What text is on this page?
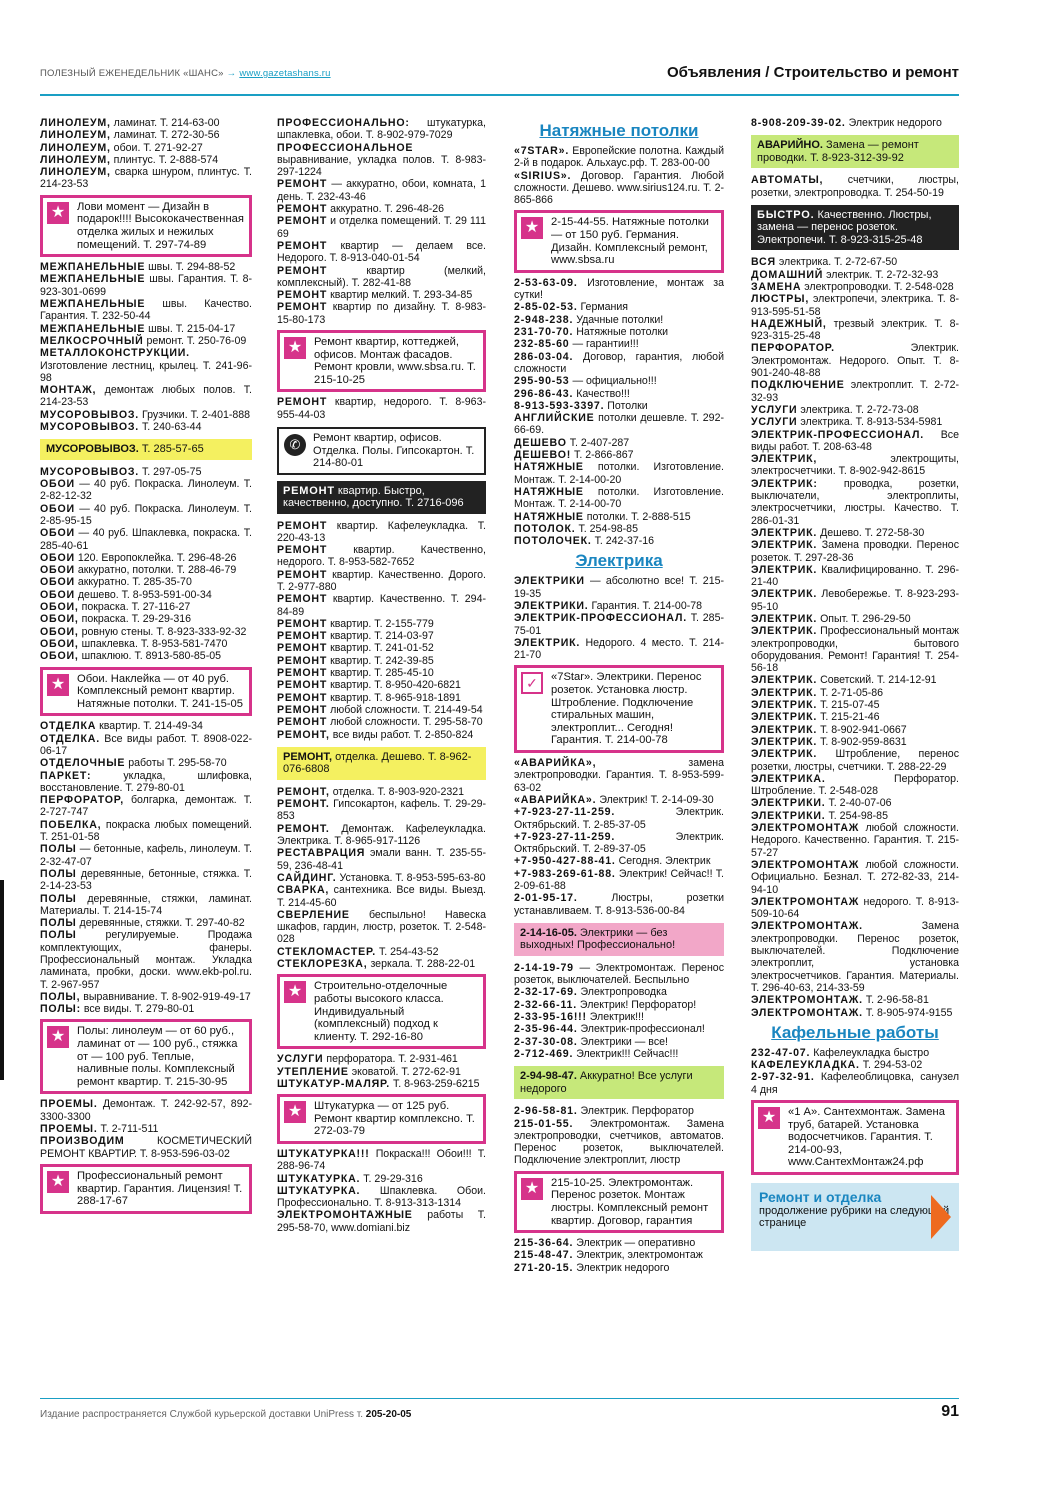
ПОЛЕЗНЫЙ ЕЖЕНЕДЕЛЬНИК «ШАНС» → www.gazetashans.ru	Объявления / Строительство и ремонт

ЛИНОЛЕУМ, ламинат. Т. 214-63-00

ЛИНОЛЕУМ, ламинат. Т. 272-30-56

ЛИНОЛЕУМ, обои. Т. 271-92-27

ЛИНОЛЕУМ, плинтус. Т. 2-888-574

ЛИНОЛЕУМ, сварка шнуром, плинтус. Т. 214-23-53

★	Лови момент — Дизайн в подарок!!!! Высококачественная отделка жилых и нежилых помещений. Т. 297-74-89

МЕЖПАНЕЛЬНЫЕ швы. Т. 294-88-52

МЕЖПАНЕЛЬНЫЕ швы. Гарантия. Т. 8-923-301-0699

МЕЖПАНЕЛЬНЫЕ швы. Качество. Гарантия. Т. 232-50-44

МЕЖПАНЕЛЬНЫЕ швы. Т. 215-04-17

МЕЛКОСРОЧНЫЙ ремонт. Т. 250-76-09

МЕТАЛЛОКОНСТРУКЦИИ. Изготовление лестниц, крылец. Т. 241-96-98

МОНТАЖ, демонтаж любых полов. Т. 214-23-53

МУСОРОВЫВОЗ. Грузчики. Т. 2-401-888

МУСОРОВЫВОЗ. Т. 240-63-44

МУСОРОВЫВОЗ. Т. 285-57-65

МУСОРОВЫВОЗ. Т. 297-05-75

ОБОИ — 40 руб. Покраска. Линолеум. Т. 2-82-12-32

ОБОИ — 40 руб. Покраска. Линолеум. Т. 2-85-95-15

ОБОИ — 40 руб. Шпаклевка, покраска. Т. 285-40-61

ОБОИ 120. Европоклейка. Т. 296-48-26

ОБОИ аккуратно, потолки. Т. 288-46-79

ОБОИ аккуратно. Т. 285-35-70

ОБОИ дешево. Т. 8-953-591-00-34

ОБОИ, покраска. Т. 27-116-27

ОБОИ, покраска. Т. 29-29-316

ОБОИ, ровную стены. Т. 8-923-333-92-32

ОБОИ, шпаклевка. Т. 8-953-581-7470

ОБОИ, шпаклюю. Т. 8913-580-85-05

★	Обои. Наклейка — от 40 руб. Комплексный ремонт квартир. Натяжные потолки. Т. 241-15-05

ОТДЕЛКА квартир. Т. 214-49-34

ОТДЕЛКА. Все виды работ. Т. 8908-022-06-17

ОТДЕЛОЧНЫЕ работы Т. 295-58-70

ПАРКЕТ: укладка, шлифовка, восстановление. Т. 279-80-01

ПЕРФОРАТОР, болгарка, демонтаж. Т. 2-727-747

ПОБЕЛКА, покраска любых помещений. Т. 251-01-58

ПОЛЫ — бетонные, кафель, линолеум. Т. 2-32-47-07

ПОЛЫ деревянные, бетонные, стяжка. Т. 2-14-23-53

ПОЛЫ деревянные, стяжки, ламинат. Материалы. Т. 214-15-74

ПОЛЫ деревянные, стяжки. Т. 297-40-82

ПОЛЫ регулируемые. Продажа комплектующих, фанеры. Профессиональный монтаж. Укладка ламината, пробки, доски. www.ekb-pol.ru. Т. 2-967-957

ПОЛЫ, выравнивание. Т. 8-902-919-49-17

ПОЛЫ: все виды. Т. 279-80-01

★	Полы: линолеум — от 60 руб., ламинат от — 100 руб., стяжка от — 100 руб. Теплые, наливные полы. Комплексный ремонт квартир. Т. 215-30-95

ПРОЕМЫ. Демонтаж. Т. 242-92-57, 892-3300-3300

ПРОЕМЫ. Т. 2-711-511

ПРОИЗВОДИМ КОСМЕТИЧЕСКИЙ РЕМОНТ КВАРТИР. Т. 8-953-596-03-02

★	Профессиональный ремонт квартир. Гарантия. Лицензия! Т. 288-17-67

ПРОФЕССИОНАЛЬНО: штукатурка, шпаклевка, обои. Т. 8-902-979-7029

ПРОФЕССИОНАЛЬНОЕ выравнивание, укладка полов. Т. 8-983-297-1224

РЕМОНТ — аккуратно, обои, комната, 1 день. Т. 232-43-46

РЕМОНТ аккуратно. Т. 296-48-26

РЕМОНТ и отделка помещений. Т. 29 111 69

РЕМОНТ квартир — делаем все. Недорого. Т. 8-913-040-01-54

РЕМОНТ квартир (мелкий, комплексный). Т. 282-41-88

РЕМОНТ квартир мелкий. Т. 293-34-85

РЕМОНТ квартир по дизайну. Т. 8-983-15-80-173

★	Ремонт квартир, коттеджей, офисов. Монтаж фасадов. Ремонт кровли, www.sbsa.ru. Т. 215-10-25

РЕМОНТ квартир, недорого. Т. 8-963-955-44-03

✆	Ремонт квартир, офисов. Отделка. Полы. Гипсокартон. Т. 214-80-01

РЕМОНТ квартир. Быстро, качественно, доступно. Т. 2716-096

РЕМОНТ квартир. Кафелеукладка. Т. 220-43-13

РЕМОНТ квартир. Качественно, недорого. Т. 8-953-582-7652

РЕМОНТ квартир. Качественно. Дорого. Т. 2-977-880

РЕМОНТ квартир. Качественно. Т. 294-84-89

РЕМОНТ квартир. Т. 2-155-779

РЕМОНТ квартир. Т. 214-03-97

РЕМОНТ квартир. Т. 241-01-52

РЕМОНТ квартир. Т. 242-39-85

РЕМОНТ квартир. Т. 285-45-10

РЕМОНТ квартир. Т. 8-950-420-6821

РЕМОНТ квартир. Т. 8-965-918-1891

РЕМОНТ любой сложности. Т. 214-49-54

РЕМОНТ любой сложности. Т. 295-58-70

РЕМОНТ, все виды работ. Т. 2-850-824

РЕМОНТ, отделка. Дешево. Т. 8-962-076-6808

РЕМОНТ, отделка. Т. 8-903-920-2321

РЕМОНТ. Гипсокартон, кафель. Т. 29-29-853

РЕМОНТ. Демонтаж. Кафелеукладка. Электрика. Т. 8-965-917-1126

РЕСТАВРАЦИЯ эмали ванн. Т. 235-55-59, 236-48-41

САЙДИНГ. Установка. Т. 8-953-595-63-80

СВАРКА, сантехника. Все виды. Выезд. Т. 214-45-60

СВЕРЛЕНИЕ беспыльно! Навеска шкафов, гардин, люстр, розеток. Т. 2-548-028

СТЕКЛОМАСТЕР. Т. 254-43-52

СТЕКЛОРЕЗКА, зеркала. Т. 288-22-01

★	Строительно-отделочные работы высокого класса. Индивидуальный (комплексный) подход к клиенту. Т. 292-16-80

УСЛУГИ перфоратора. Т. 2-931-461

УТЕПЛЕНИЕ эковатой. Т. 272-62-91

ШТУКАТУР-МАЛЯР. Т. 8-963-259-6215

★	Штукатурка — от 125 руб. Ремонт квартир комплексно. Т. 272-03-79

ШТУКАТУРКА!!! Покраска!!! Обои!!! Т. 288-96-74

ШТУКАТУРКА. Т. 29-29-316

ШТУКАТУРКА. Шпаклевка. Обои. Профессионально. Т. 8-913-313-1314

ЭЛЕКТРОМОНТАЖНЫЕ работы Т. 295-58-70, www.domiani.biz

Натяжные потолки

«7STAR». Европейские полотна. Каждый 2-й в подарок. Альхаус.рф. Т. 283-00-00

«SIRIUS». Договор. Гарантия. Любой сложности. Дешево. www.sirius124.ru. Т. 2-865-866

★	2-15-44-55. Натяжные потолки — от 150 руб. Германия. Дизайн. Комплексный ремонт, www.sbsa.ru

2-53-63-09. Изготовление, монтаж за сутки!

2-85-02-53. Германия

2-948-238. Удачные потолки!

231-70-70. Натяжные потолки

232-85-60 — гарантии!!!

286-03-04. Договор, гарантия, любой сложности

295-90-53 — официально!!!

296-86-43. Качество!!!

8-913-593-3397. Потолки

АНГЛИЙСКИЕ потолки дешевле. Т. 292-66-69.

ДЕШЕВО Т. 2-407-287

ДЕШЕВО! Т. 2-866-867

НАТЯЖНЫЕ потолки. Изготовление. Монтаж. Т. 2-14-00-20

НАТЯЖНЫЕ потолки. Изготовление. Монтаж. Т. 2-14-00-70

НАТЯЖНЫЕ потолки. Т. 2-888-515

ПОТОЛОК. Т. 254-98-85

ПОТОЛОЧЕК. Т. 242-37-16

Электрика

ЭЛЕКТРИКИ — абсолютно все! Т. 215-19-35

ЭЛЕКТРИКИ. Гарантия. Т. 214-00-78

ЭЛЕКТРИК-ПРОФЕССИОНАЛ. Т. 285-75-01

ЭЛЕКТРИК. Недорого. 4 место. Т. 214-21-70

✓	«7Star». Электрики. Перенос розеток. Установка люстр. Штробление. Подключение стиральных машин, электроплит... Сегодня! Гарантия. Т. 214-00-78

«АВАРИЙКА», замена электропроводки. Гарантия. Т. 8-953-599-63-02

«АВАРИЙКА». Электрик! Т. 2-14-09-30

+7-923-27-11-259. Электрик. Октябрьский. Т. 2-85-37-05

+7-923-27-11-259. Электрик. Октябрьский. Т. 2-89-37-05

+7-950-427-88-41. Сегодня. Электрик

+7-983-269-61-88. Электрик! Сейчас!! Т. 2-09-61-88

2-01-95-17. Люстры, розетки устанавливаем. Т. 8-913-536-00-84

2-14-16-05. Электрики — без выходных! Профессионально!

2-14-19-79 — Электромонтаж. Перенос розеток, выключателей. Беспыльно

2-32-17-69. Электропроводка

2-32-66-11. Электрик! Перфоратор!

2-33-95-16!!! Электрик!!!

2-35-96-44. Электрик-профессионал!

2-37-30-08. Электрики — все!

2-712-469. Электрик!!! Сейчас!!!

2-94-98-47. Аккуратно! Все услуги недорого

2-96-58-81. Электрик. Перфоратор

215-01-55. Электромонтаж. Замена электропроводки, счетчиков, автоматов. Перенос розеток, выключателей. Подключение электроплит, люстр

★	215-10-25. Электромонтаж. Перенос розеток. Монтаж люстры. Комплексный ремонт квартир. Договор, гарантия

215-36-64. Электрик — оперативно

215-48-47. Электрик, электромонтаж

271-20-15. Электрик недорого

8-908-209-39-02. Электрик недорого

АВАРИЙНО. Замена — ремонт проводки. Т. 8-923-312-39-92

АВТОМАТЫ, счетчики, люстры, розетки, электропроводка. Т. 254-50-19

БЫСТРО. Качественно. Люстры, замена — перенос розеток. Электропечи. Т. 8-923-315-25-48

ВСЯ электрика. Т. 2-72-67-50

ДОМАШНИЙ электрик. Т. 2-72-32-93

ЗАМЕНА электропроводки. Т. 2-548-028

ЛЮСТРЫ, электропечи, электрика. Т. 8-913-595-51-58

НАДЕЖНЫЙ, трезвый электрик. Т. 8-923-315-25-48

ПЕРФОРАТОР. Электрик. Электромонтаж. Недорого. Опыт. Т. 8-901-240-48-88

ПОДКЛЮЧЕНИЕ электроплит. Т. 2-72-32-93

УСЛУГИ электрика. Т. 2-72-73-08

УСЛУГИ электрика. Т. 8-913-534-5981

ЭЛЕКТРИК-ПРОФЕССИОНАЛ. Все виды работ. Т. 208-63-48

ЭЛЕКТРИК, электрощиты, электросчетчики. Т. 8-902-942-8615

ЭЛЕКТРИК: проводка, розетки, выключатели, электроплиты, электросчетчики, люстры. Качество. Т. 286-01-31

ЭЛЕКТРИК. Дешево. Т. 272-58-30

ЭЛЕКТРИК. Замена проводки. Перенос розеток. Т. 297-28-36

ЭЛЕКТРИК. Квалифицированно. Т. 296-21-40

ЭЛЕКТРИК. Левобережье. Т. 8-923-293-95-10

ЭЛЕКТРИК. Опыт. Т. 296-29-50

ЭЛЕКТРИК. Профессиональный монтаж электропроводки, бытового оборудования. Ремонт! Гарантия! Т. 254-56-18

ЭЛЕКТРИК. Советский. Т. 214-12-91

ЭЛЕКТРИК. Т. 2-71-05-86

ЭЛЕКТРИК. Т. 215-07-45

ЭЛЕКТРИК. Т. 215-21-46

ЭЛЕКТРИК. Т. 8-902-941-0667

ЭЛЕКТРИК. Т. 8-902-959-8631

ЭЛЕКТРИК. Штробление, перенос розетки, люстры, счетчики. Т. 288-22-29

ЭЛЕКТРИКА. Перфоратор. Штробление. Т. 2-548-028

ЭЛЕКТРИКИ. Т. 2-40-07-06

ЭЛЕКТРИКИ. Т. 254-98-85

ЭЛЕКТРОМОНТАЖ любой сложности. Недорого. Качественно. Гарантия. Т. 215-57-27

ЭЛЕКТРОМОНТАЖ любой сложности. Официально. Безнал. Т. 272-82-33, 214-94-10

ЭЛЕКТРОМОНТАЖ недорого. Т. 8-913-509-10-64

ЭЛЕКТРОМОНТАЖ. Замена электропроводки. Перенос розеток, выключателей. Подключение электроплит, установка электросчетчиков. Гарантия. Материалы. Т. 296-40-63, 214-33-59

ЭЛЕКТРОМОНТАЖ. Т. 2-96-58-81

ЭЛЕКТРОМОНТАЖ. Т. 8-905-974-9155

Кафельные работы

232-47-07. Кафелеукладка быстро

КАФЕЛЕУКЛАДКА. Т. 294-53-02

2-97-32-91. Кафелеоблицовка, санузел 4 дня

★	«1 А». Сантехмонтаж. Замена труб, батарей. Установка водосчетчиков. Гарантия. Т. 214-00-93, www.СантехМонтаж24.рф
Ремонт и отделка
продолжение рубрики на следующей странице
Издание распространяется Службой курьерской доставки UniPress т. 205-20-05	91
